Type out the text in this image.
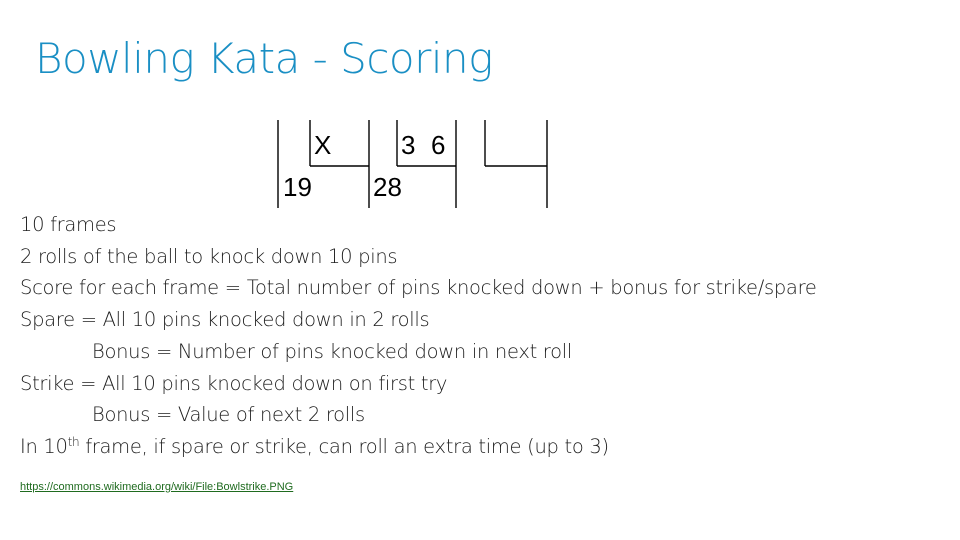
Bowling Kata - Scoring
X	3 6
19 28
10 frames
2 rolls of the ball to knock down 10 pins
Score for each frame = Total number of pins knocked down + bonus for strike/spare
Spare = All 10 pins knocked down in 2 rolls
Bonus = Number of pins knocked down in next roll
Strike = All 10 pins knocked down on first try
Bonus = Value of next 2 rolls
In 10th frame, if spare or strike, can roll an extra time (up to 3)
https://commons.wikimedia.org/wiki/File:Bowlstrike.PNG
